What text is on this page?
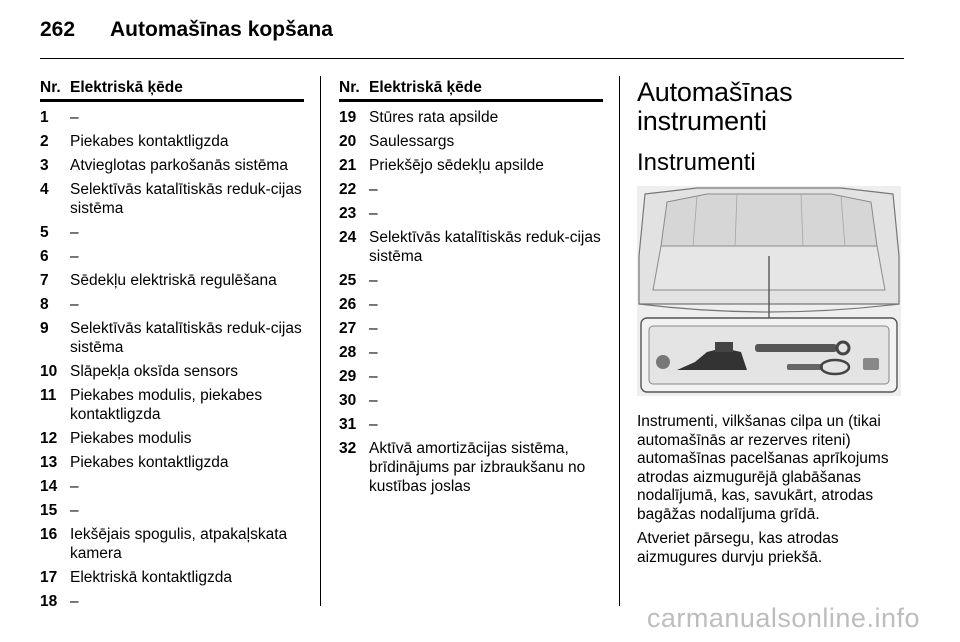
262 Automašīnas kopšana
Nr. Elektriskā ķēde
1	–
2	Piekabes kontaktligzda
3	Atvieglotas parkošanās sistēma
4	Selektīvās katalītiskās reduk-cijas sistēma
5	–
6	–
7	Sēdekļu elektriskā regulēšana
8	–
9	Selektīvās katalītiskās reduk-cijas sistēma
10 Slāpekļa oksīda sensors
11 Piekabes modulis, piekabes kontaktligzda
12 Piekabes modulis
13 Piekabes kontaktligzda
14 –
15 –
16 Iekšējais spogulis, atpakaļskata kamera
17 Elektriskā kontaktligzda
18 –
Nr. Elektriskā ķēde
19 Stūres rata apsilde
20 Saulessargs
21 Priekšējo sēdekļu apsilde
22 –
23 –
24 Selektīvās katalītiskās reduk-cijas sistēma
25 –
26 –
27 –
28 –
29 –
30 –
31 –
32 Aktīvā amortizācijas sistēma, brīdinājums par izbraukšanu no kustības joslas
Automašīnas instrumenti
Instrumenti

Instrumenti, vilkšanas cilpa un (tikai automašīnās ar rezerves riteni) automašīnas pacelšanas aprīkojums atrodas aizmugurējā glabāšanas nodalījumā, kas, savukārt, atrodas bagāžas nodalījuma grīdā.

Atveriet pārsegu, kas atrodas aizmugures durvju priekšā.

carmanualsonline.info
